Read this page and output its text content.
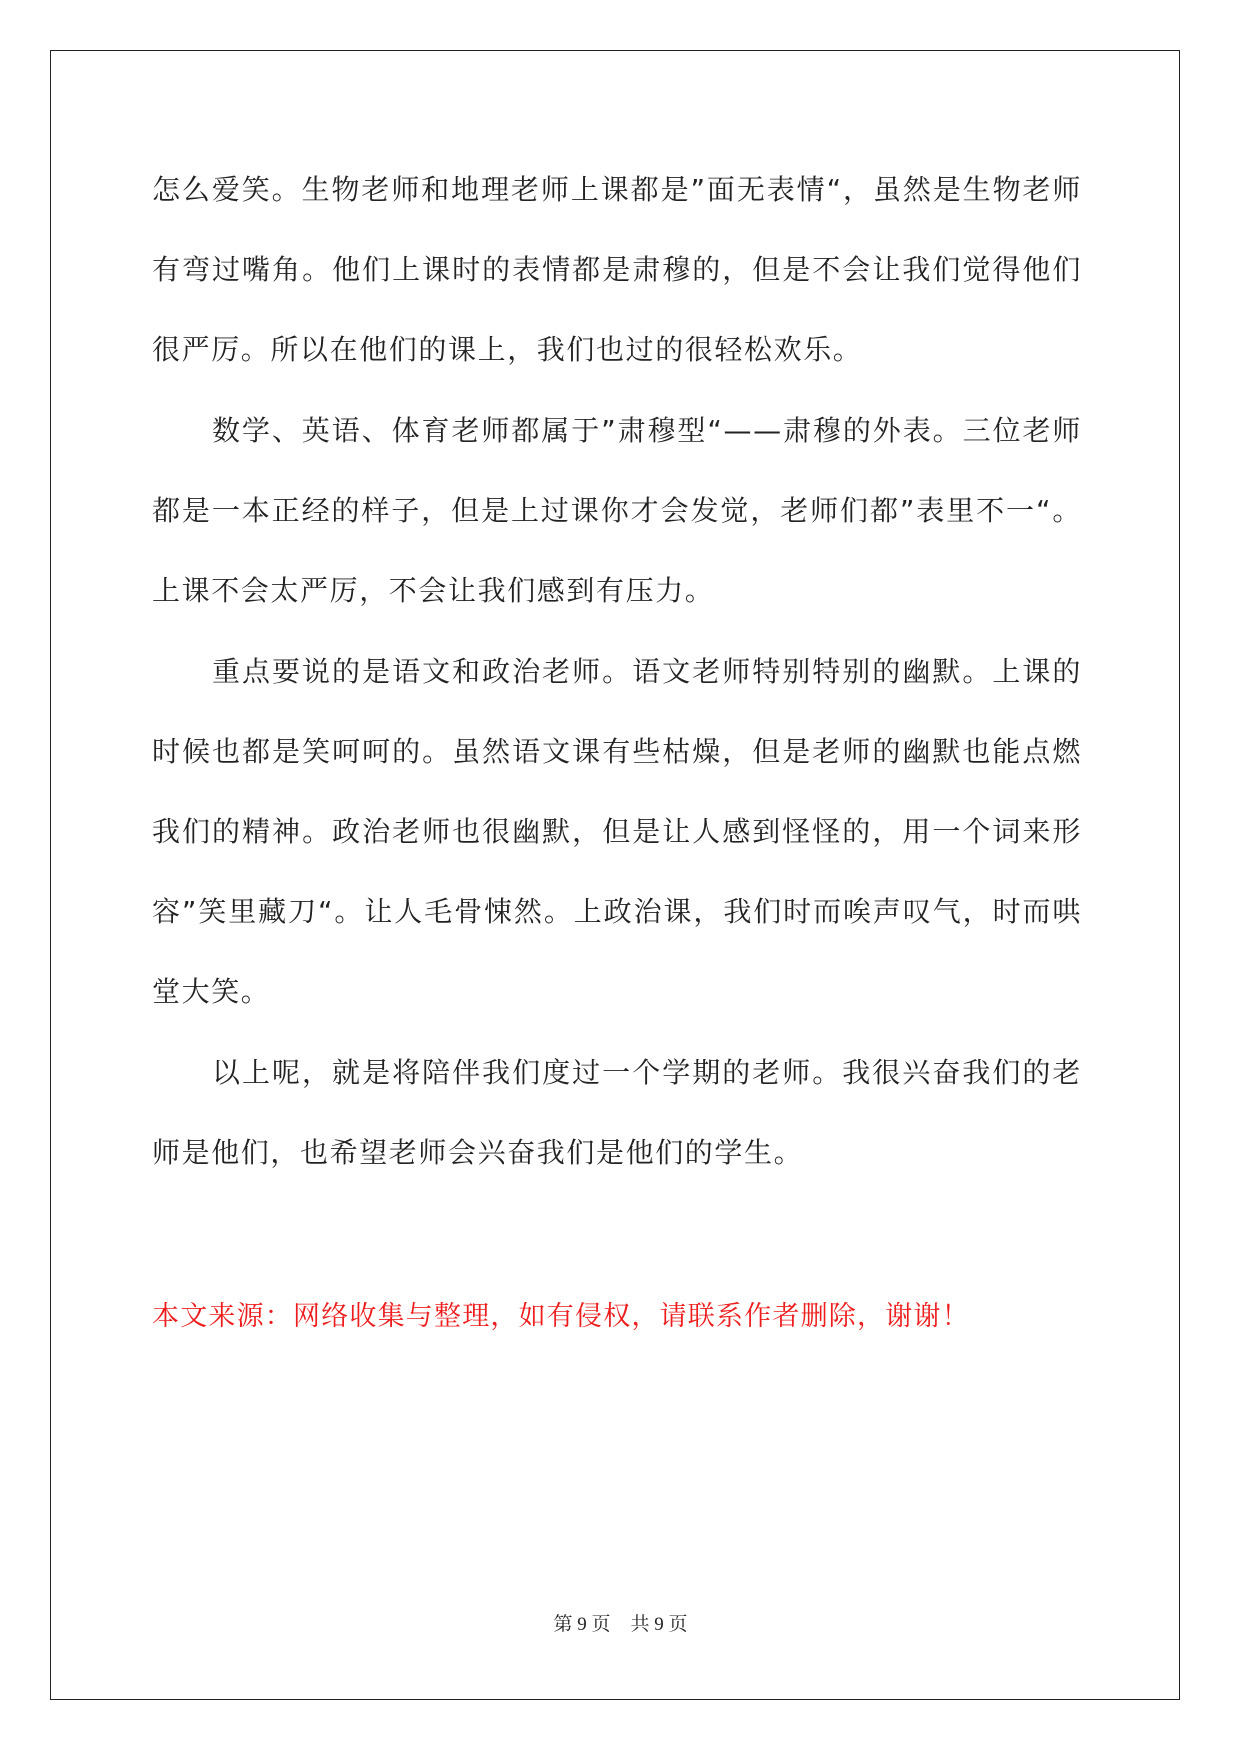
怎么爱笑。生物老师和地理老师上课都是”面无表情“，虽然是生物老师有弯过嘴角。他们上课时的表情都是肃穆的，但是不会让我们觉得他们很严厉。所以在他们的课上，我们也过的很轻松欢乐。

数学、英语、体育老师都属于”肃穆型“——肃穆的外表。三位老师都是一本正经的样子，但是上过课你才会发觉，老师们都”表里不一“。上课不会太严厉，不会让我们感到有压力。

重点要说的是语文和政治老师。语文老师特别特别的幽默。上课的时候也都是笑呵呵的。虽然语文课有些枯燥，但是老师的幽默也能点燃我们的精神。政治老师也很幽默，但是让人感到怪怪的，用一个词来形容”笑里藏刀“。让人毛骨悚然。上政治课，我们时而唉声叹气，时而哄堂大笑。

以上呢，就是将陪伴我们度过一个学期的老师。我很兴奋我们的老师是他们，也希望老师会兴奋我们是他们的学生。

本文来源：网络收集与整理，如有侵权，请联系作者删除，谢谢！

第 9 页 共 9 页
